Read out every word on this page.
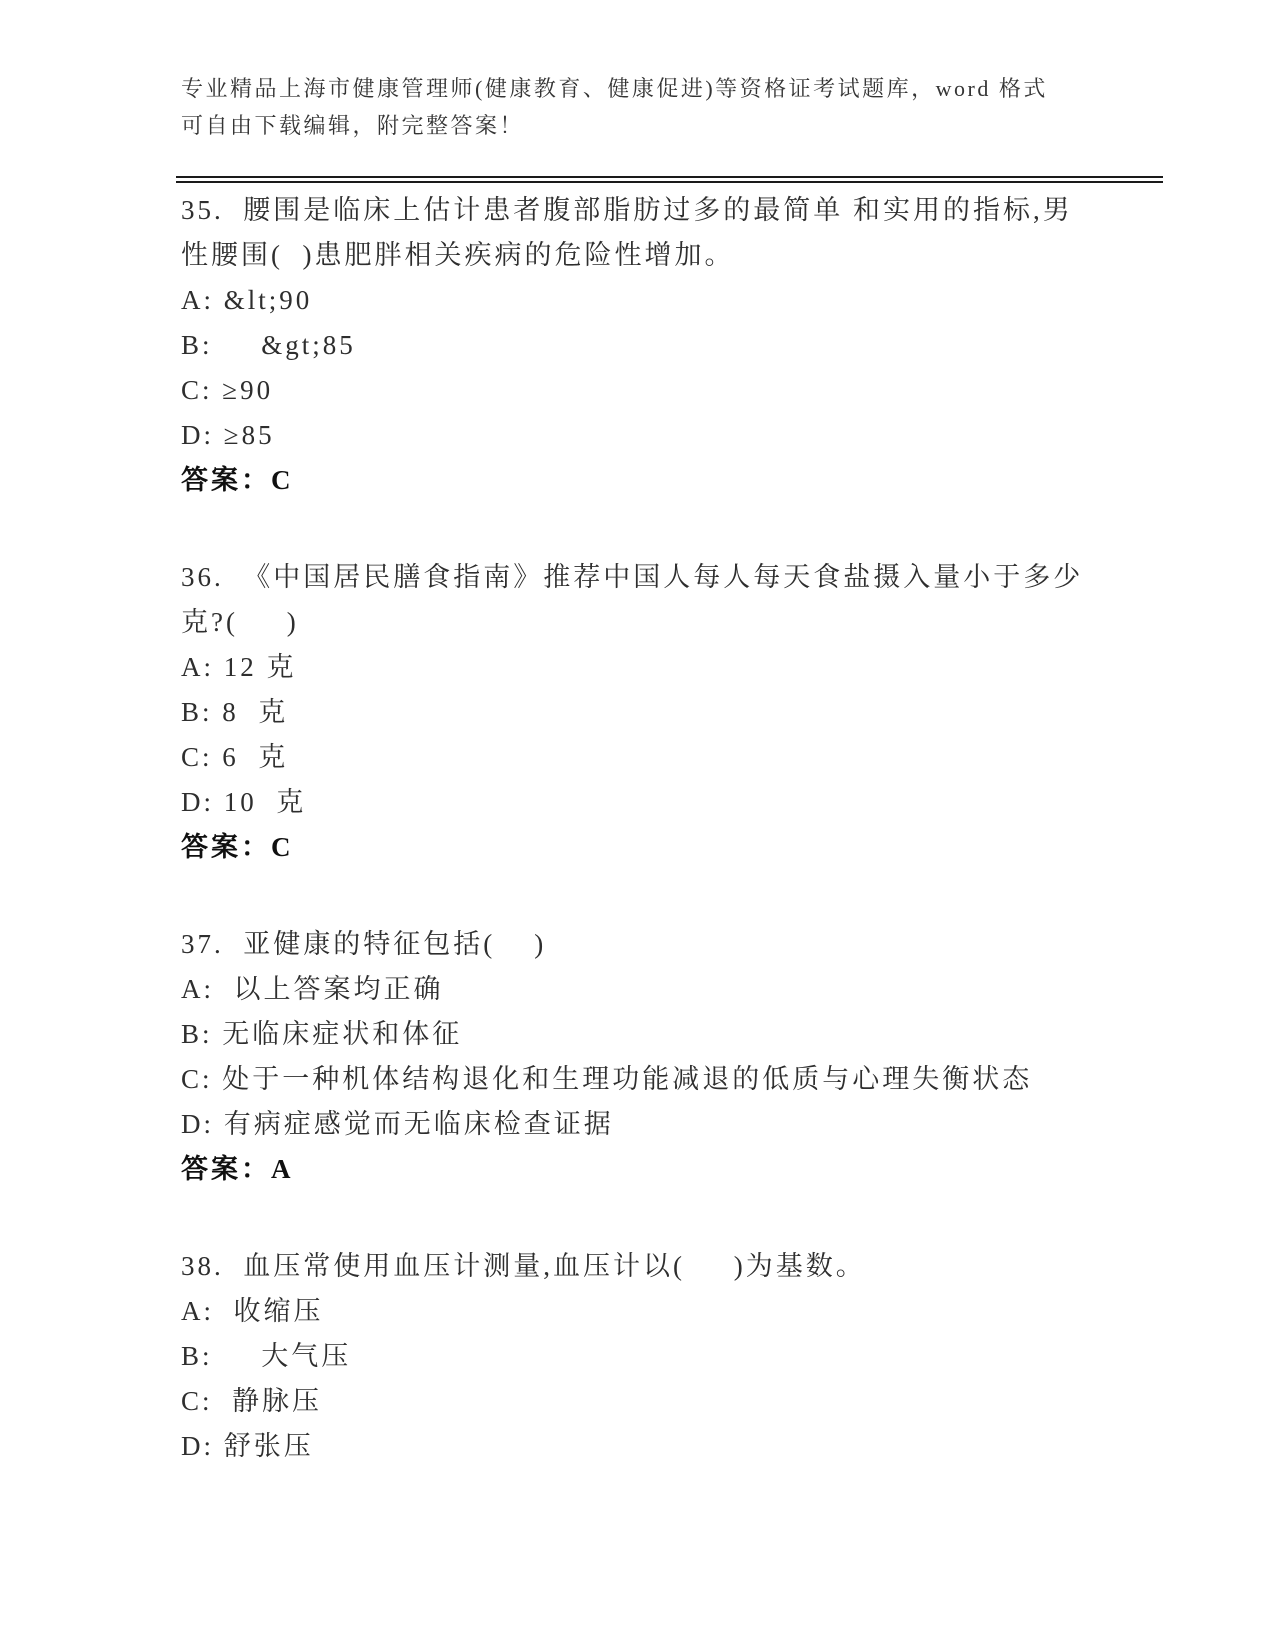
专业精品上海市健康管理师(健康教育、健康促进)等资格证考试题库，word 格式
可自由下载编辑，附完整答案！
35.  腰围是临床上估计患者腹部脂肪过多的最简单 和实用的指标,男
性腰围(  )患肥胖相关疾病的危险性增加。
A: &lt;90
B:     &gt;85
C: ≥90
D: ≥85
答案：C
36.  《中国居民膳食指南》推荐中国人每人每天食盐摄入量小于多少
克?(     )
A: 12 克
B: 8  克
C: 6  克
D: 10  克
答案：C
37.  亚健康的特征包括(    )
A:  以上答案均正确
B: 无临床症状和体征
C: 处于一种机体结构退化和生理功能减退的低质与心理失衡状态
D: 有病症感觉而无临床检查证据
答案：A
38.  血压常使用血压计测量,血压计以(     )为基数。
A:  收缩压
B:     大气压
C:  静脉压
D: 舒张压
